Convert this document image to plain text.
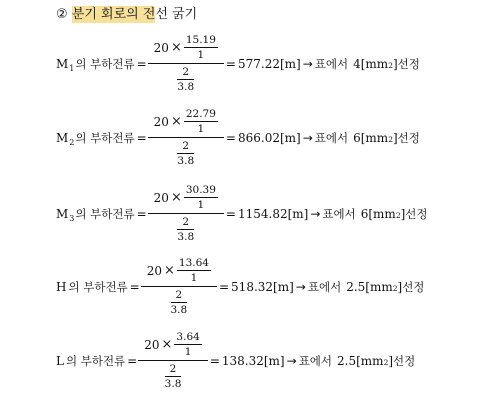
② 분기 회로의 전선 굵기
M 1 의 부하전류 = $\frac{20 \times \frac{15.19}{1}}{\frac{2}{3.8}} = 577.22$ [m] → 표에서 4 [mm 2 ] 선정
M 2 의 부하전류 = $\frac{20 \times \frac{22.79}{1}}{\frac{2}{3.8}} = 866.02$ [m] → 표에서 6 [mm 2 ] 선정
M 3 의 부하전류 = $\frac{20 \times \frac{30.39}{1}}{\frac{2}{3.8}} = 1154.82$ [m] → 표에서 6 [mm 2 ] 선정
H 의 부하전류 = $\frac{20 \times \frac{13.64}{1}}{\frac{2}{3.8}} = 518.32$ [m] → 표에서 2.5 [mm 2 ] 선정
L 의 부하전류 = $\frac{20 \times \frac{3.64}{1}}{\frac{2}{3.8}} = 138.32$ [m] → 표에서 2.5 [mm 2 ] 선정
